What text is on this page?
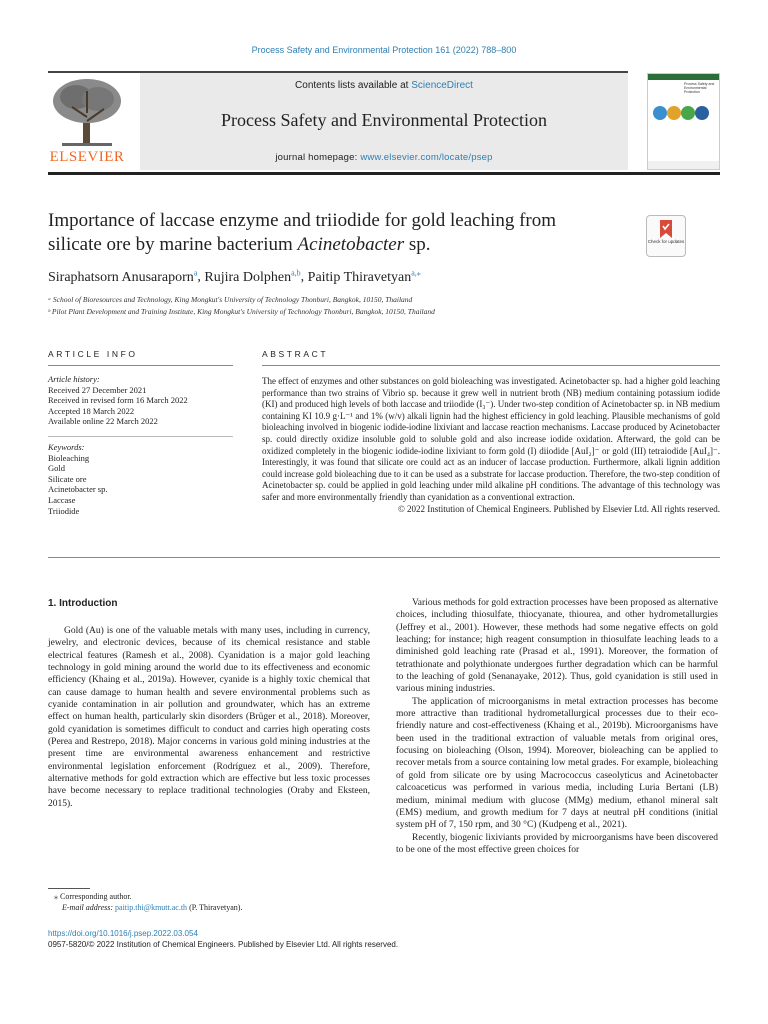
Process Safety and Environmental Protection 161 (2022) 788–800
ELSEVIER
Contents lists available at ScienceDirect
Process Safety and Environmental Protection
journal homepage: www.elsevier.com/locate/psep
Process Safety and Environmental Protection
Importance of laccase enzyme and triiodide for gold leaching from
silicate ore by marine bacterium Acinetobacter sp.	Check for updates
Siraphatsorn Anusaraporn$^a$, Rujira Dolphen$^{a,b}$, Paitip Thiravetyan$^{a,⁎}$
ᵃ School of Bioresources and Technology, King Mongkut's University of Technology Thonburi, Bangkok, 10150, Thailand
ᵇ Pilot Plant Development and Training Institute, King Mongkut's University of Technology Thonburi, Bangkok, 10150, Thailand
ARTICLE INFO
Article history:
Received 27 December 2021
Received in revised form 16 March 2022
Accepted 18 March 2022
Available online 22 March 2022
Keywords:
Bioleaching
Gold
Silicate ore
Acinetobacter sp.
Laccase
Triiodide
ABSTRACT
The effect of enzymes and other substances on gold bioleaching was investigated. Acinetobacter sp. had a higher gold leaching performance than two strains of Vibrio sp. because it grew well in nutrient broth (NB) medium containing potassium iodide (KI) and produced high levels of both laccase and triiodide (I₃⁻). Under two-step condition of Acinetobacter sp. in NB medium containing KI 10.9 g·L⁻¹ and 1% (w/v) alkali lignin had the highest efficiency in gold leaching. Plausible mechanisms of gold bioleaching involved in biogenic iodide-iodine lixiviant and laccase reaction mechanisms. Laccase produced by Acinetobacter sp. could directly oxidize insoluble gold to soluble gold and also increase iodide oxidation. Afterward, the gold can be oxidized completely in the biogenic iodide-iodine lixiviant to form gold (I) diiodide [AuI₂]⁻ or gold (III) tetraiodide [AuI₄]⁻. Interestingly, it was found that silicate ore could act as an inducer of laccase production. Furthermore, alkali lignin addition could increase gold bioleaching due to it can be used as a substrate for laccase production. Therefore, the two-step condition of Acinetobacter sp. could be applied in gold leaching under mild alkaline pH conditions. The advantage of this technology was safer and more environmentally friendly than cyanidation as a conventional extraction.
© 2022 Institution of Chemical Engineers. Published by Elsevier Ltd. All rights reserved.
1. Introduction

Gold (Au) is one of the valuable metals with many uses, including in currency, jewelry, and electronic devices, because of its chemical resistance and stable electrical features (Ramesh et al., 2008). Cyanidation is a major gold leaching technology in gold mining around the world due to its effectiveness and economic efficiency (Khaing et al., 2019a). However, cyanide is a highly toxic chemical that can cause damage to human health and severe environmental problems such as cyanide contamination in air pollution and groundwater, which has an extreme effect on human health, particularly skin disorders (Brüger et al., 2018). Moreover, gold cyanidation is sometimes difficult to conduct and carries high operating costs (Perea and Restrepo, 2018). Major concerns in various gold mining industries at the present time are environmental awareness enhancement and restrictive environmental legislation enforcement (Rodríguez et al., 2009). Therefore, alternative methods for gold extraction which are effective but less toxic processes have become necessary to replace traditional technologies (Oraby and Eksteen, 2015).

Various methods for gold extraction processes have been proposed as alternative choices, including thiosulfate, thiocyanate, thiourea, and other hydrometallurgies (Jeffrey et al., 2001). However, these methods had some negative effects on gold leaching; for instance; high reagent consumption in thiosulfate leaching leads to a diminished gold leaching rate (Prasad et al., 1991). Moreover, the formation of tetrathionate and polythionate undergoes further degradation which can be harmful to the leaching of gold (Senanayake, 2012). Thus, gold cyanidation is still used in various mining industries.

The application of microorganisms in metal extraction processes has become more attractive than traditional hydrometallurgical processes due to their eco-friendly nature and cost-effectiveness (Khaing et al., 2019b). Microorganisms have been used in the traditional extraction of valuable metals from original ores, focusing on bioleaching (Olson, 1994). Moreover, bioleaching can be applied to recover metals from a source containing low metal grades. For example, bioleaching of gold from silicate ore by using Macrococcus caseolyticus and Acinetobacter calcoaceticus was performed in various media, including Luria Bertani (LB) medium, minimal medium with glucose (MMg) medium, ethanol mineral salt (EMS) medium, and growth medium for 7 days at neutral pH conditions (initial system pH of 7, 150 rpm, and 30 °C) (Kudpeng et al., 2021).

Recently, biogenic lixiviants provided by microorganisms have been discovered to be one of the most effective green choices for

⁎ Corresponding author.
E-mail address: paitip.thi@kmutt.ac.th (P. Thiravetyan).
https://doi.org/10.1016/j.psep.2022.03.054
0957-5820/© 2022 Institution of Chemical Engineers. Published by Elsevier Ltd. All rights reserved.
